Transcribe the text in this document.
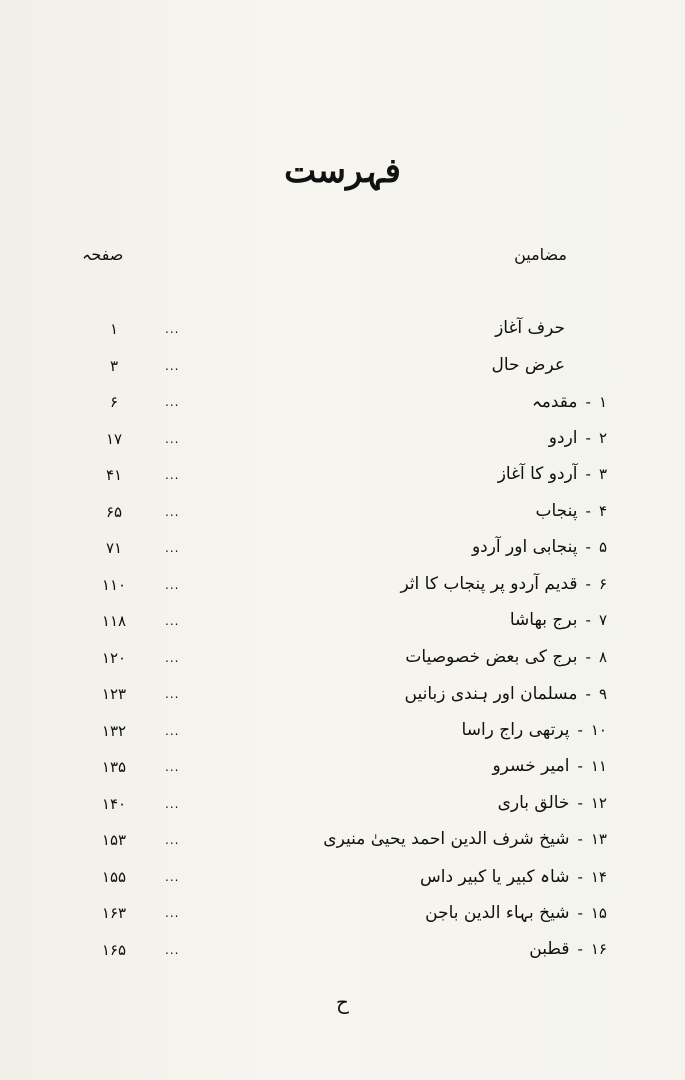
فہرست
مضامین
صفحہ
حرف آغاز
...
۱
عرض حال
...
۳
۱
-
مقدمہ
...
۶
۲
-
اردو
...
۱۷
۳
-
آردو کا آغاز
...
۴۱
۴
-
پنجاب
...
۶۵
۵
-
پنجابی اور آردو
...
۷۱
۶
-
قدیم آردو پر پنجاب کا اثر
...
۱۱۰
۷
-
برج بھاشا
...
۱۱۸
۸
-
برج کی بعض خصوصیات
...
۱۲۰
۹
-
مسلمان اور ہندی زبانیں
...
۱۲۳
۱۰
-
پرتھی راج راسا
...
۱۳۲
۱۱
-
امیر خسرو
...
۱۳۵
۱۲
-
خالق باری
...
۱۴۰
۱۳
-
شیخ شرف الدین احمد یحییٰ منیری
...
۱۵۳
۱۴
-
شاہ کبیر یا کبیر داس
...
۱۵۵
۱۵
-
شیخ بہاء الدین باجن
...
۱۶۳
۱۶
-
قطبن
...
۱۶۵
ح
